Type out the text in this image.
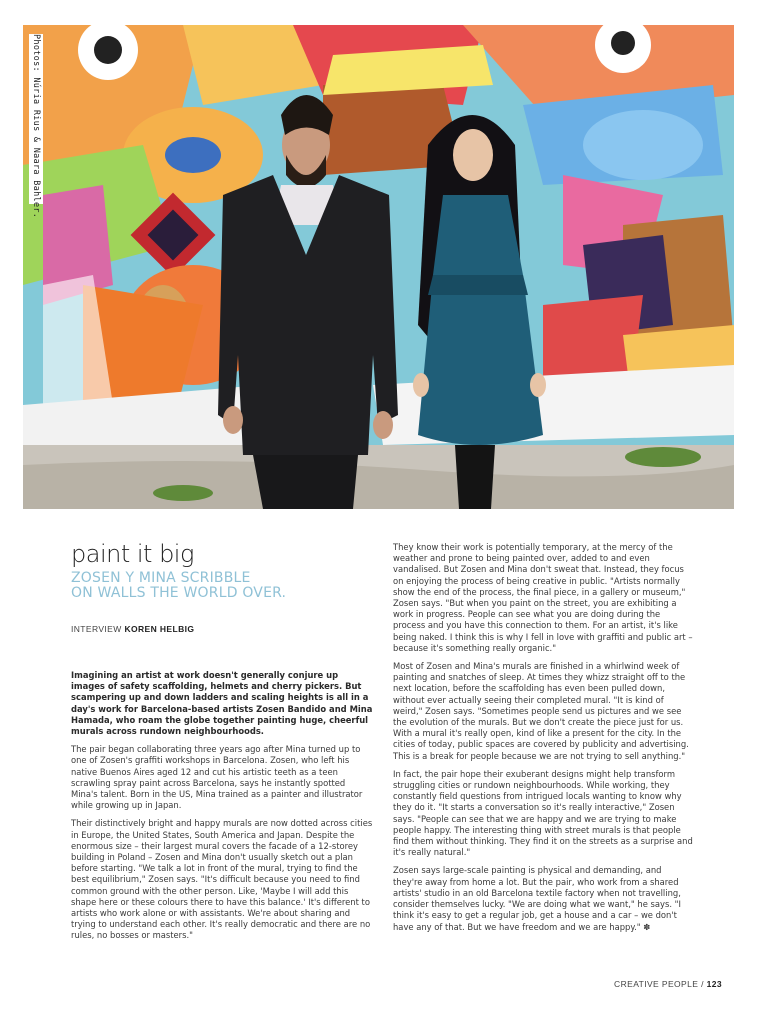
Photos: Núria Rius & Naara Bahler.
paint it big
ZOSEN Y MINA SCRIBBLE
ON WALLS THE WORLD OVER.
INTERVIEW KOREN HELBIG

Imagining an artist at work doesn't generally conjure up images of safety scaffolding, helmets and cherry pickers. But scampering up and down ladders and scaling heights is all in a day's work for Barcelona-based artists Zosen Bandido and Mina Hamada, who roam the globe together painting huge, cheerful murals across rundown neighbourhoods.

The pair began collaborating three years ago after Mina turned up to one of Zosen's graffiti workshops in Barcelona. Zosen, who left his native Buenos Aires aged 12 and cut his artistic teeth as a teen scrawling spray paint across Barcelona, says he instantly spotted Mina's talent. Born in the US, Mina trained as a painter and illustrator while growing up in Japan.

Their distinctively bright and happy murals are now dotted across cities in Europe, the United States, South America and Japan. Despite the enormous size – their largest mural covers the facade of a 12-storey building in Poland – Zosen and Mina don't usually sketch out a plan before starting. "We talk a lot in front of the mural, trying to find the best equilibrium," Zosen says. "It's difficult because you need to find common ground with the other person. Like, 'Maybe I will add this shape here or these colours there to have this balance.' It's different to artists who work alone or with assistants. We're about sharing and trying to understand each other. It's really democratic and there are no rules, no bosses or masters."

They know their work is potentially temporary, at the mercy of the weather and prone to being painted over, added to and even vandalised. But Zosen and Mina don't sweat that. Instead, they focus on enjoying the process of being creative in public. "Artists normally show the end of the process, the final piece, in a gallery or museum," Zosen says. "But when you paint on the street, you are exhibiting a work in progress. People can see what you are doing during the process and you have this connection to them. For an artist, it's like being naked. I think this is why I fell in love with graffiti and public art – because it's something really organic."

Most of Zosen and Mina's murals are finished in a whirlwind week of painting and snatches of sleep. At times they whizz straight off to the next location, before the scaffolding has even been pulled down, without ever actually seeing their completed mural. "It is kind of weird," Zosen says. "Sometimes people send us pictures and we see the evolution of the murals. But we don't create the piece just for us. With a mural it's really open, kind of like a present for the city. In the cities of today, public spaces are covered by publicity and advertising. This is a break for people because we are not trying to sell anything."

In fact, the pair hope their exuberant designs might help transform struggling cities or rundown neighbourhoods. While working, they constantly field questions from intrigued locals wanting to know why they do it. "It starts a conversation so it's really interactive," Zosen says. "People can see that we are happy and we are trying to make people happy. The interesting thing with street murals is that people find them without thinking. They find it on the streets as a surprise and it's really natural."

Zosen says large-scale painting is physical and demanding, and they're away from home a lot. But the pair, who work from a shared artists' studio in an old Barcelona textile factory when not travelling, consider themselves lucky. "We are doing what we want," he says. "I think it's easy to get a regular job, get a house and a car – we don't have any of that. But we have freedom and we are happy." ✽

CREATIVE PEOPLE / 123
